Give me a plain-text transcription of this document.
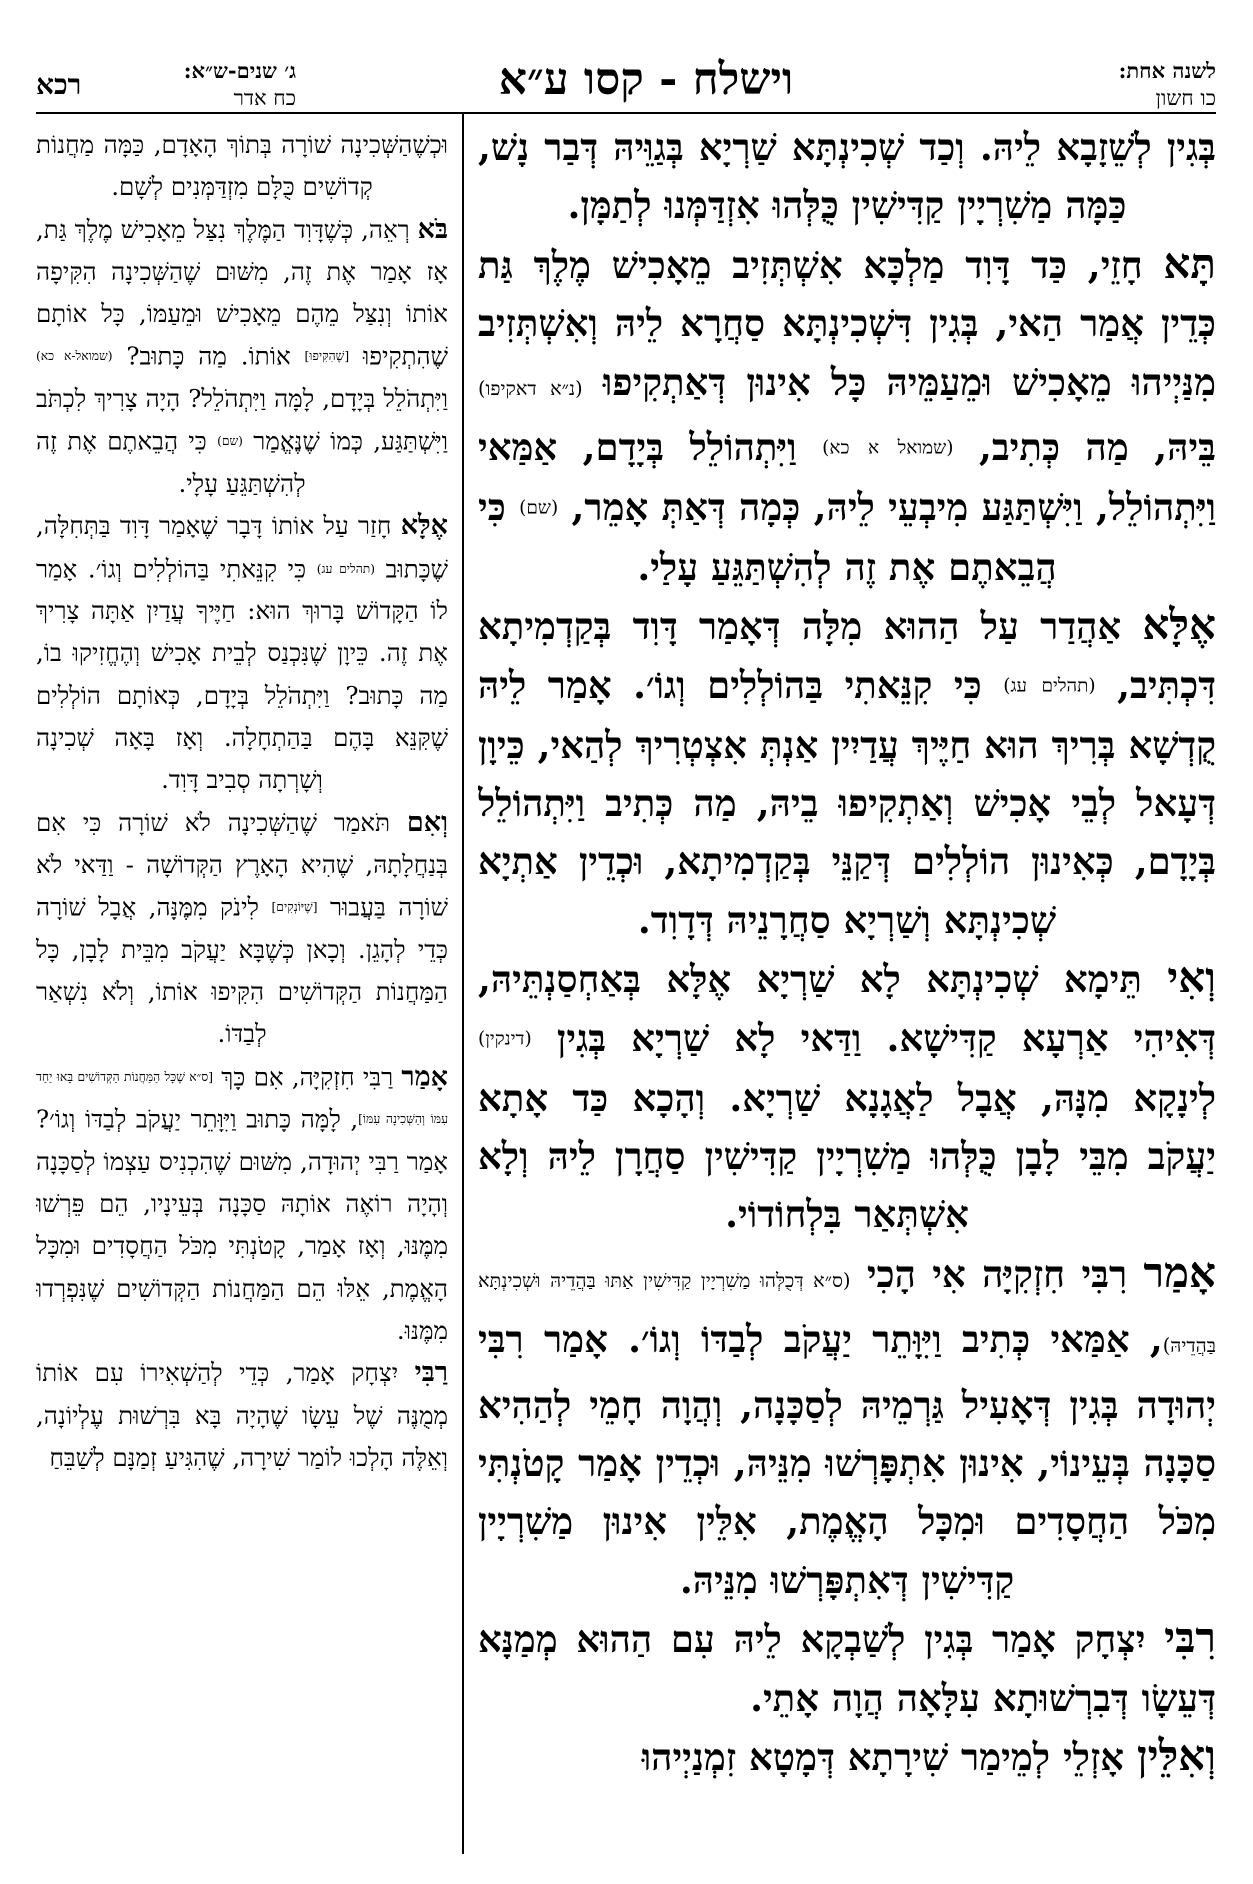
רכא	ג׳ שנים-ש״א:
כח אדר	וישלח - קסו ע״א	לשנה אחת:
כו חשון

בְּגִין לְשֵׁזָבָא לֵיהּ. וְכַד שְׁכִינְתָּא שַׁרְיָא בְּגַוֵּיהּ דְּבַר נָשׁ, כַּמָּה מַשִׁרְיָין קַדִּישִׁין כֻּלְּהוּ אִזְדַּמְּנוּ לְתַמָּן.

תָּא חָזֵי, כַּד דָּוִד מַלְכָּא אִשְׁתְּזִיב מֵאָכִישׁ מֶלֶךְ גַּת כְּדֵין אֲמַר הַאי, בְּגִין דִּשְׁכִינְתָּא סַחֲרָא לֵיהּ וְאִשְׁתְּזִיב מִנַּיְיהוּ מֵאָכִישׁ וּמֵעַמֵּיהּ כָּל אִינוּן דְּאַתְקִיפוּ (נ״א דאקיפו) בֵּיהּ, מַה כְּתִיב, (שמואל א כא) וַיִּתְהוֹלֵל בְּיָדָם, אַמַּאי וַיִּתְהוֹלֵל, וַיִּשְׁתַּגַּע מִיבְעֵי לֵיהּ, כְּמָה דְּאַתְּ אָמֵר, (שם) כִּי הֲבֵאתֶם אֶת זֶה לְהִשְׁתַּגֵּעַ עָלַי.

אֶלָּא אַהֲדַר עַל הַהוּא מִלָּה דְּאָמַר דָּוִד בְּקַדְמִיתָא דִּכְתִּיב, (תהלים עג) כִּי קִנֵּאתִי בַּהוֹלְלִים וְגוֹ׳. אָמַר לֵיהּ קֻדְשָׁא בְּרִיךְ הוּא חַיֶּיךְ עֲדַיִין אַנְתְּ אִצְטְרִיךְ לְהַאי, כֵּיוָן דְּעָאל לְבֵי אָכִישׁ וְאַתְקִיפוּ בֵיהּ, מַה כְּתִיב וַיִּתְהוֹלֵל בְּיָדָם, כְּאִינוּן הוֹלְלִים דְּקַנֵּי בְּקַדְמִיתָא, וּכְדֵין אַתְיָא שְׁכִינְתָּא וְשַׁרְיָא סַחֲרָנֵיהּ דְּדָוִד.

וְאִי תֵּימָא שְׁכִינְתָּא לָא שַׁרְיָא אֶלָּא בְּאַחְסַנְתֵּיהּ, דְּאִיהִי אַרְעָא קַדִּישָׁא. וַדַּאי לָא שַׁרְיָא בְּגִין (דינקין) לְינָקָא מִנָּהּ, אֲבָל לַאֲגָנָא שַׁרְיָא. וְהָכָא כַּד אָתָא יַעֲקֹב מִבֵּי לָבָן כֻּלְּהוּ מַשִׁרְיָין קַדִּישִׁין סַחֲרָן לֵיהּ וְלָא אִשְׁתְּאַר בִּלְחוֹדוֹי.

אָמַר רִבִּי חִזְקִיָּה אִי הָכִי (ס״א דְּכֻלְּהוּ מַשִׁרְיָין קַדִּישִׁין אַתּוּ בַּהֲדֵיהּ וּשְׁכִינְתָּא בַּהֲדֵיהּ), אַמַּאי כְּתִיב וַיִּוָּתֵר יַעֲקֹב לְבַדּוֹ וְגוֹ׳. אָמַר רִבִּי יְהוּדָה בְּגִין דְּאָעִיל גַּרְמֵיהּ לְסַכָּנָה, וְהֲוָה חָמֵי לְהַהִיא סַכָּנָה בְּעֵינוֹי, אִינוּן אִתְפָּרְשׁוּ מִנֵּיהּ, וּכְדֵין אָמַר קָטֹנְתִּי מִכֹּל הַחֲסָדִים וּמִכָּל הָאֱמֶת, אִלֵּין אִינוּן מַשִׁרְיָין קַדִּישִׁין דְּאִתְפָּרְשׁוּ מִנֵּיהּ.

רִבִּי יִצְחָק אָמַר בְּגִין לְשַׁבְקָא לֵיהּ עִם הַהוּא מְמַנָּא דְּעֵשָׂו דְּבִרְשׁוּתָא עִלָּאָה הֲוָה אָתֵי.

וְאִלֵּין אָזְלֵי לְמֵימַר שִׁירָתָא דְּמָטָא זִמְנַיְיהוּ

וּכְשֶׁהַשְּׁכִינָה שׁוֹרָה בְּתוֹךְ הָאָדָם, כַּמָּה מַחֲנוֹת קְדוֹשִׁים כֻּלָּם מִזְדַּמְּנִים לְשָׁם.

בֹּא רְאֵה, כְּשֶׁדָּוִד הַמֶּלֶךְ נִצַּל מֵאָכִישׁ מֶלֶךְ גַּת, אָז אָמַר אֶת זֶה, מִשּׁוּם שֶׁהַשְּׁכִינָה הִקִּיפָה אוֹתוֹ וְנִצַּל מֵהֶם מֵאָכִישׁ וּמֵעַמּוֹ, כָּל אוֹתָם שֶׁהִתְקִיפוּ [שֶׁהִקִּיפוּ] אוֹתוֹ. מַה כָּתוּב? (שמואל-א כא) וַיִּתְהֹלֵל בְּיָדָם, לָמָּה וַיִּתְהֹלֵל? הָיָה צָרִיךְ לִכְתֹּב וַיִּשְׁתַּגַּע, כְּמוֹ שֶׁנֶּאֱמַר (שם) כִּי הֲבֵאתֶם אֶת זֶה לְהִשְׁתַּגֵּעַ עָלָי.

אֶלָּא חָזַר עַל אוֹתוֹ דָּבָר שֶׁאָמַר דָּוִד בַּתְּחִלָּה, שֶׁכָּתוּב (תהלים עג) כִּי קִנֵּאתִי בַּהוֹלְלִים וְגוֹ׳. אָמַר לוֹ הַקָּדוֹשׁ בָּרוּךְ הוּא: חַיֶּיךָ עֲדַיִן אַתָּה צָרִיךְ אֶת זֶה. כֵּיוָן שֶׁנִּכְנַס לְבֵית אָכִישׁ וְהֶחֱזִיקוּ בוֹ, מַה כָּתוּב? וַיִּתְהֹלֵל בְּיָדָם, כְּאוֹתָם הוֹלְלִים שֶׁקִּנֵּא בָּהֶם בַּהַתְחָלָה. וְאָז בָּאָה שְׁכִינָה וְשָׁרְתָה סְבִיב דָּוִד.

וְאִם תֹּאמַר שֶׁהַשְּׁכִינָה לֹא שׁוֹרָה כִּי אִם בְּנַחֲלָתָהּ, שֶׁהִיא הָאָרֶץ הַקְּדוֹשָׁה - וַדַּאי לֹא שׁוֹרָה בַּעֲבוּר [שֶׁיּוֹנְקִים] לִינֹק מִמֶּנָּה, אֲבָל שׁוֹרָה כְּדֵי לְהָגֵן. וְכָאן כְּשֶׁבָּא יַעֲקֹב מִבֵּית לָבָן, כָּל הַמַּחֲנוֹת הַקְּדוֹשִׁים הִקִּיפוּ אוֹתוֹ, וְלֹא נִשְׁאַר לְבַדּוֹ.

אָמַר רַבִּי חִזְקִיָּה, אִם כָּךְ [ס״א שֶׁכָּל הַמַּחֲנוֹת הַקְּדוֹשִׁים בָּאוּ יַחַד עִמּוֹ וְהַשְּׁכִינָה עִמּוֹ], לָמָּה כָּתוּב וַיִּוָּתֵר יַעֲקֹב לְבַדּוֹ וְגוֹ׳? אָמַר רַבִּי יְהוּדָה, מִשּׁוּם שֶׁהִכְנִיס עַצְמוֹ לְסַכָּנָה וְהָיָה רוֹאֶה אוֹתָהּ סַכָּנָה בְּעֵינָיו, הֵם פֵּרְשׁוּ מִמֶּנּוּ, וְאָז אָמַר, קָטֹנְתִּי מִכֹּל הַחֲסָדִים וּמִכָּל הָאֱמֶת, אֵלּוּ הֵם הַמַּחֲנוֹת הַקְּדוֹשִׁים שֶׁנִּפְרְדוּ מִמֶּנּוּ.

רַבִּי יִצְחָק אָמַר, כְּדֵי לְהַשְׁאִירוֹ עִם אוֹתוֹ מְמֻנֶּה שֶׁל עֵשָׂו שֶׁהָיָה בָּא בִּרְשׁוּת עֶלְיוֹנָה, וְאֵלֶּה הָלְכוּ לוֹמַר שִׁירָה, שֶׁהִגִּיעַ זְמַנָּם לְשַׁבֵּחַ
